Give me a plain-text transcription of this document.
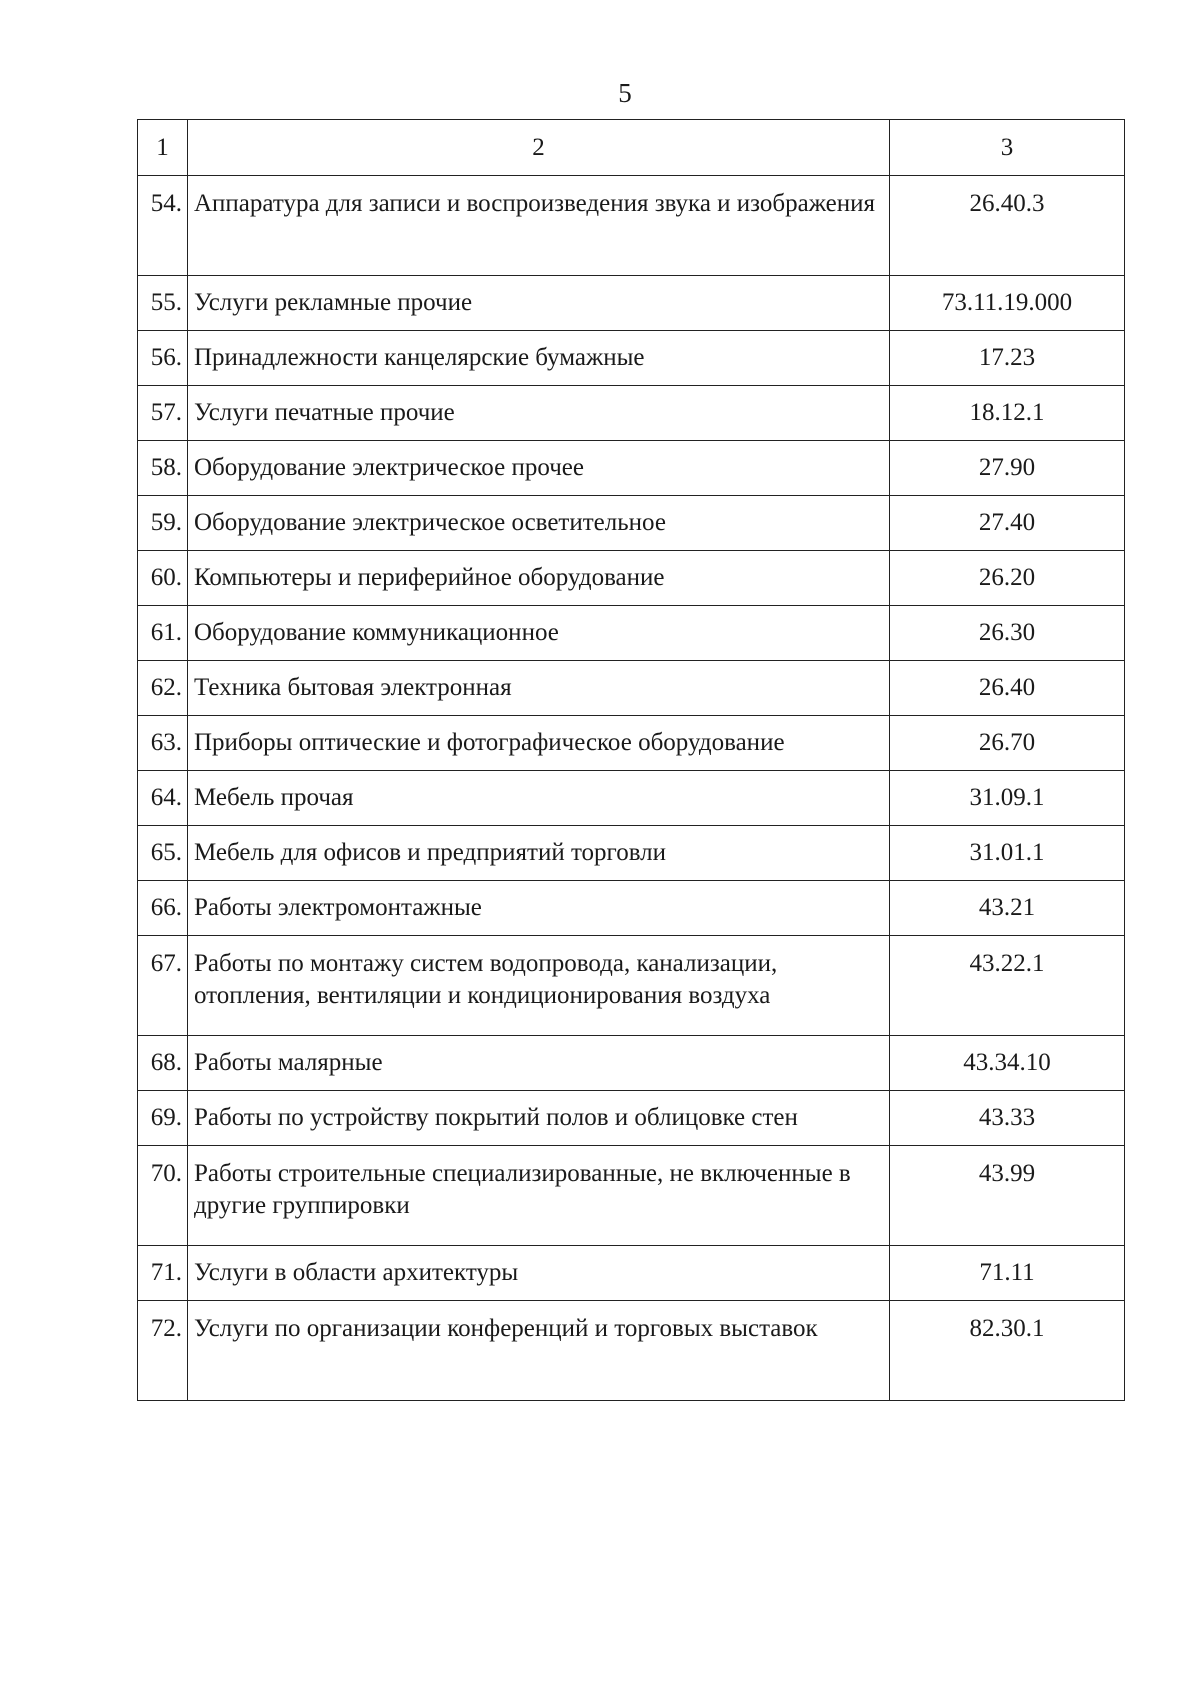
5
1	2	3
54.	Аппаратура для записи и воспроизведения звука и изображения	26.40.3
55.	Услуги рекламные прочие	73.11.19.000
56.	Принадлежности канцелярские бумажные	17.23
57.	Услуги печатные прочие	18.12.1
58.	Оборудование электрическое прочее	27.90
59.	Оборудование электрическое осветительное	27.40
60.	Компьютеры и периферийное оборудование	26.20
61.	Оборудование коммуникационное	26.30
62.	Техника бытовая электронная	26.40
63.	Приборы оптические и фотографическое оборудование	26.70
64.	Мебель прочая	31.09.1
65.	Мебель для офисов и предприятий торговли	31.01.1
66.	Работы электромонтажные	43.21
67.	Работы по монтажу систем водопровода, канализации, отопления, вентиляции и кондиционирования воздуха	43.22.1
68.	Работы малярные	43.34.10
69.	Работы по устройству покрытий полов и облицовке стен	43.33
70.	Работы строительные специализированные, не включенные в другие группировки	43.99
71.	Услуги в области архитектуры	71.11
72.	Услуги по организации конференций и торговых выставок	82.30.1
